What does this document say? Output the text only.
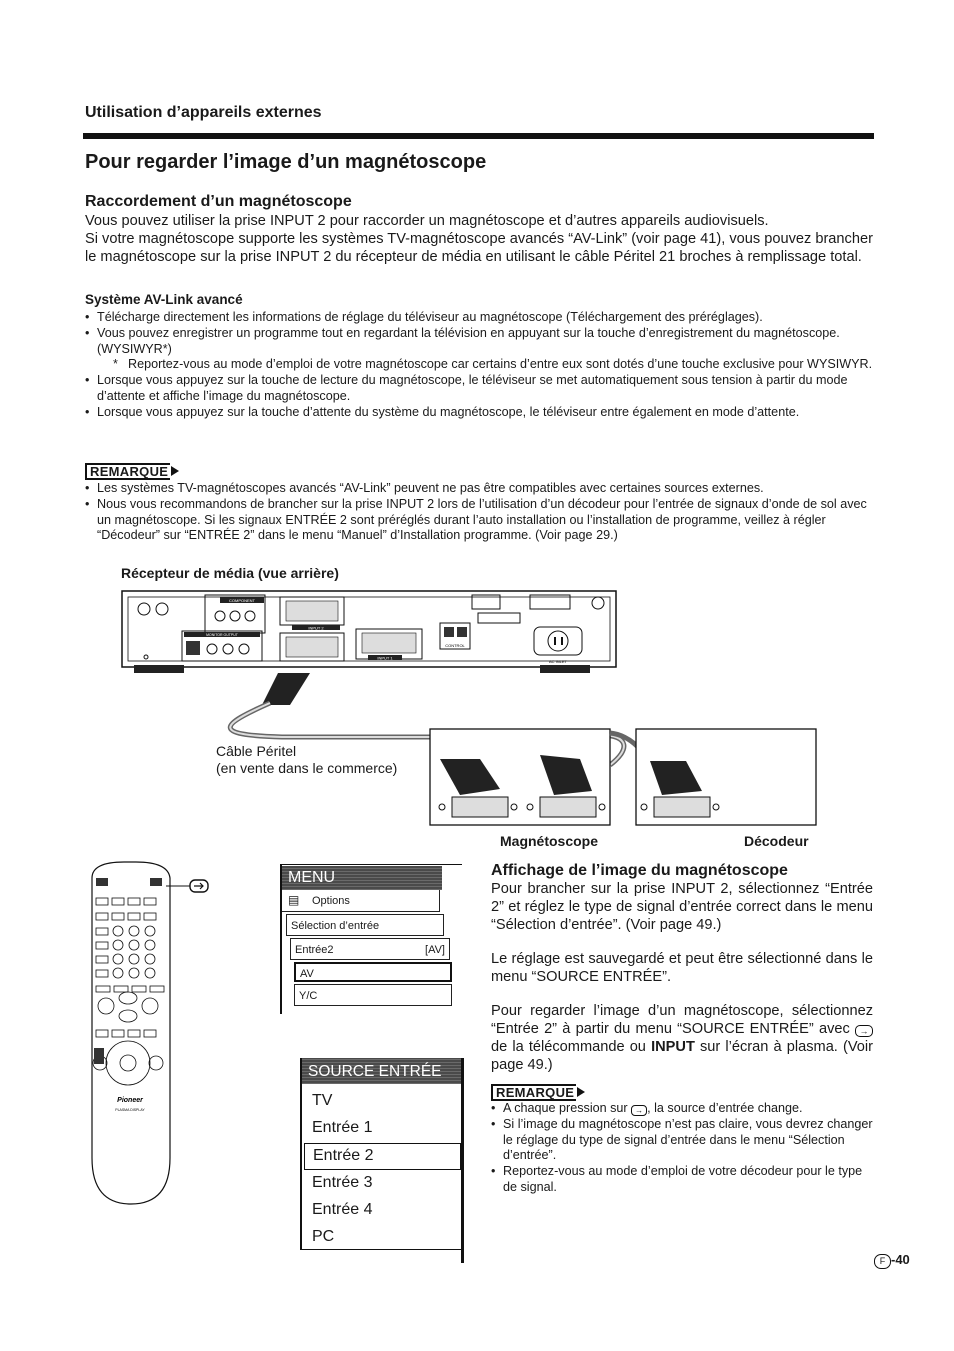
Utilisation d’appareils externes
Pour regarder l’image d’un magnétoscope
Raccordement d’un magnétoscope
Vous pouvez utiliser la prise INPUT 2 pour raccorder un magnétoscope et d’autres appareils audiovisuels.
Si votre magnétoscope supporte les systèmes TV-magnétoscope avancés “AV-Link” (voir page 41), vous pouvez brancher le magnétoscope sur la prise INPUT 2 du récepteur de média en utilisant le câble Péritel 21 broches à remplissage total.
Système AV-Link avancé
• Télécharge directement les informations de réglage du téléviseur au magnétoscope (Téléchargement des préréglages).
• Vous pouvez enregistrer un programme tout en regardant la télévision en appuyant sur la touche d’enregistrement du magnétoscope. (WYSIWYR*)
* Reportez-vous au mode d’emploi de votre magnétoscope car certains d’entre eux sont dotés d’une touche exclusive pour WYSIWYR.
• Lorsque vous appuyez sur la touche de lecture du magnétoscope, le téléviseur se met automatiquement sous tension à partir du mode d’attente et affiche l’image du magnétoscope.
• Lorsque vous appuyez sur la touche d’attente du système du magnétoscope, le téléviseur entre également en mode d’attente.
REMARQUE
• Les systèmes TV-magnétoscopes avancés “AV-Link” peuvent ne pas être compatibles avec certaines sources externes.
• Nous vous recommandons de brancher sur la prise INPUT 2 lors de l’utilisation d’un décodeur pour l’entrée de signaux d’onde de sol avec un magnétoscope. Si les signaux ENTRÉE 2 sont préréglés durant l’auto installation ou l’installation de programme, veillez à régler “Décodeur” sur “ENTRÉE 2” dans le menu “Manuel” d’Installation programme. (Voir page 29.)
Récepteur de média (vue arrière)
COMPONENT
MONITOR OUTPUT
INPUT 2
INPUT 1
CONTROL
AC INLET
Câble Péritel
(en vente dans le commerce)
Magnétoscope	Décodeur
Pioneer
PLASMA DISPLAY
MENU
▤ Options
Sélection d’entrée
Entrée2	[AV]
AV
Y/C
SOURCE ENTRÉE
TV
Entrée 1
Entrée 2
Entrée 3
Entrée 4
PC
Affichage de l’image du magnétoscope
Pour brancher sur la prise INPUT 2, sélectionnez “Entrée 2” et réglez le type de signal d’entrée correct dans le menu “Sélection d’entrée”. (Voir page 49.)
Le réglage est sauvegardé et peut être sélectionné dans le menu “SOURCE ENTRÉE”.
Pour regarder l’image d’un magnétoscope, sélectionnez “Entrée 2” à partir du menu “SOURCE ENTRÉE” avec → de la télécommande ou INPUT sur l’écran à plasma. (Voir page 49.)
REMARQUE
• A chaque pression sur → , la source d’entrée change.
• Si l’image du magnétoscope n’est pas claire, vous devrez changer le réglage du type de signal d’entrée dans le menu “Sélection d’entrée”.
• Reportez-vous au mode d’emploi de votre décodeur pour le type de signal.
F -40
